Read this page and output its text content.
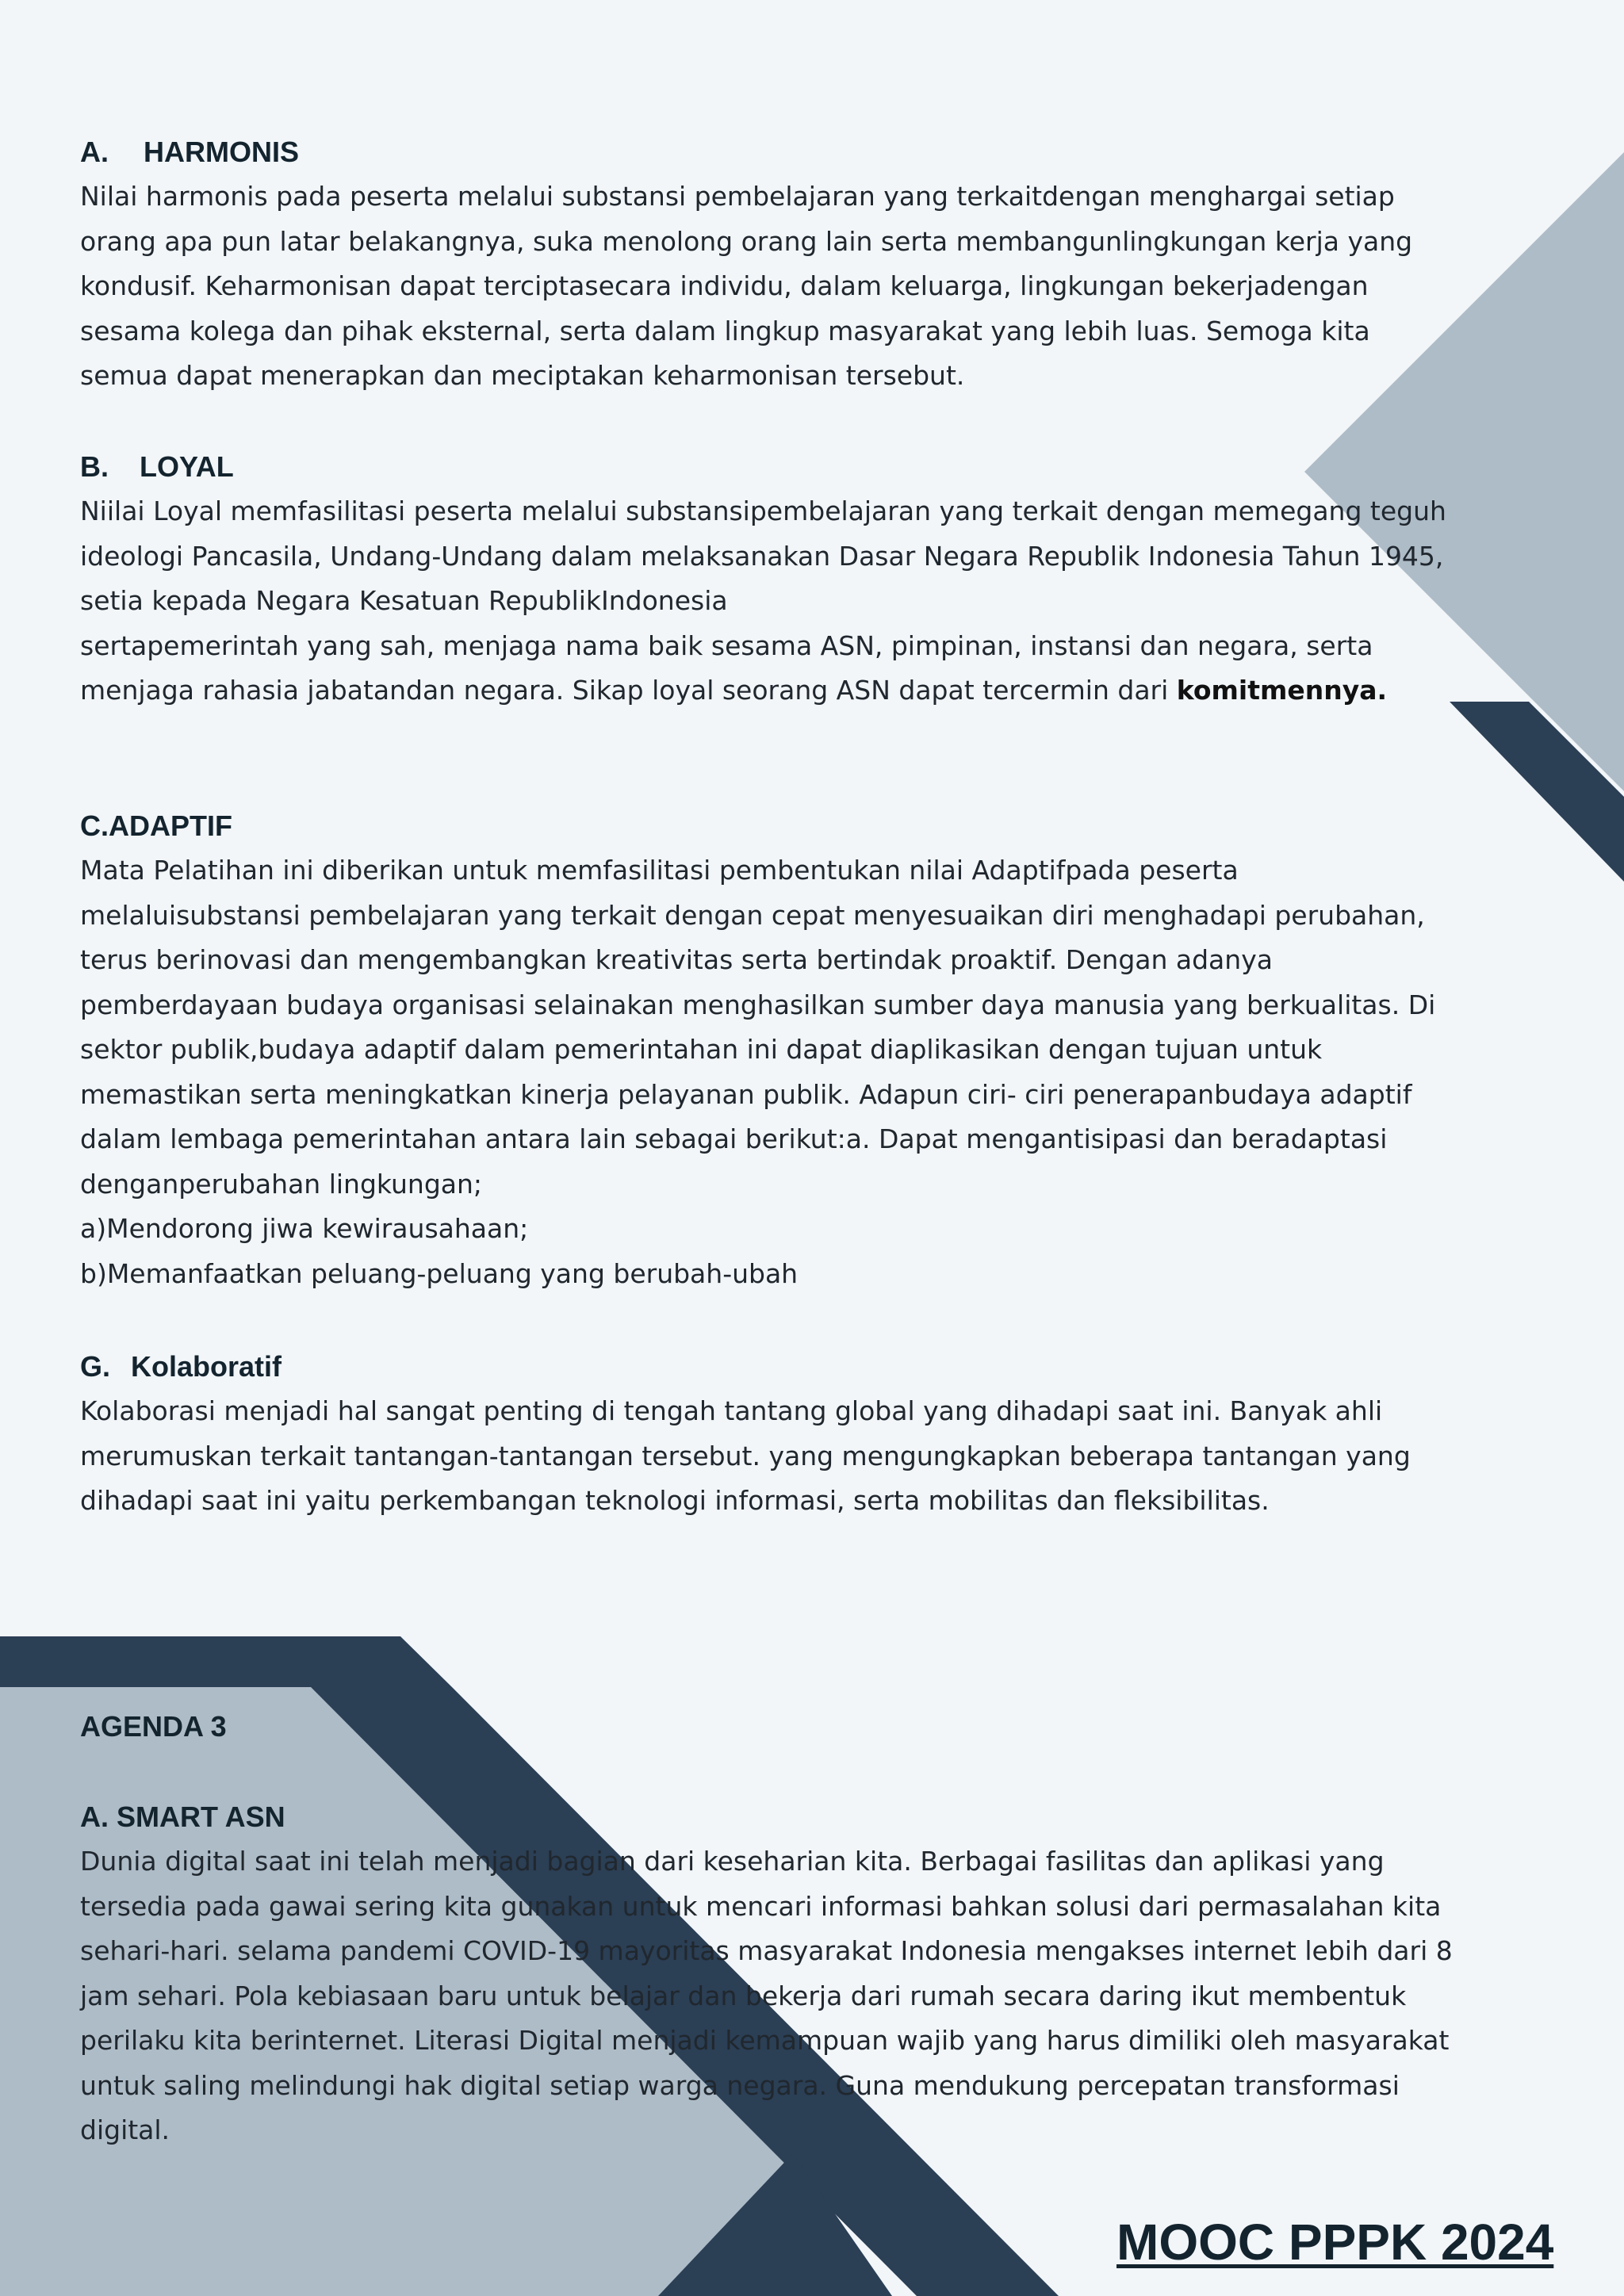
A. HARMONIS

Nilai harmonis pada peserta melalui substansi pembelajaran yang terkaitdengan menghargai setiap
orang apa pun latar belakangnya, suka menolong orang lain serta membangunlingkungan kerja yang
kondusif. Keharmonisan dapat terciptasecara individu, dalam keluarga, lingkungan bekerjadengan
sesama kolega dan pihak eksternal, serta dalam lingkup masyarakat yang lebih luas. Semoga kita
semua dapat menerapkan dan meciptakan keharmonisan tersebut.

B. LOYAL

Niilai Loyal memfasilitasi peserta melalui substansipembelajaran yang terkait dengan memegang teguh
ideologi Pancasila, Undang-Undang dalam melaksanakan Dasar Negara Republik Indonesia Tahun 1945,
setia kepada Negara Kesatuan RepublikIndonesia
sertapemerintah yang sah, menjaga nama baik sesama ASN, pimpinan, instansi dan negara, serta
menjaga rahasia jabatandan negara. Sikap loyal seorang ASN dapat tercermin dari komitmennya.

C.ADAPTIF

Mata Pelatihan ini diberikan untuk memfasilitasi pembentukan nilai Adaptifpada peserta
melaluisubstansi pembelajaran yang terkait dengan cepat menyesuaikan diri menghadapi perubahan,
terus berinovasi dan mengembangkan kreativitas serta bertindak proaktif. Dengan adanya
pemberdayaan budaya organisasi selainakan menghasilkan sumber daya manusia yang berkualitas. Di
sektor publik,budaya adaptif dalam pemerintahan ini dapat diaplikasikan dengan tujuan untuk
memastikan serta meningkatkan kinerja pelayanan publik. Adapun ciri- ciri penerapanbudaya adaptif
dalam lembaga pemerintahan antara lain sebagai berikut:a. Dapat mengantisipasi dan beradaptasi
denganperubahan lingkungan;
a)Mendorong jiwa kewirausahaan;
b)Memanfaatkan peluang-peluang yang berubah-ubah

G. Kolaboratif

Kolaborasi menjadi hal sangat penting di tengah tantang global yang dihadapi saat ini. Banyak ahli
merumuskan terkait tantangan-tantangan tersebut. yang mengungkapkan beberapa tantangan yang
dihadapi saat ini yaitu perkembangan teknologi informasi, serta mobilitas dan fleksibilitas.

AGENDA 3

A. SMART ASN

Dunia digital saat ini telah menjadi bagian dari keseharian kita. Berbagai fasilitas dan aplikasi yang
tersedia pada gawai sering kita gunakan untuk mencari informasi bahkan solusi dari permasalahan kita
sehari-hari. selama pandemi COVID-19 mayoritas masyarakat Indonesia mengakses internet lebih dari 8
jam sehari. Pola kebiasaan baru untuk belajar dan bekerja dari rumah secara daring ikut membentuk
perilaku kita berinternet. Literasi Digital menjadi kemampuan wajib yang harus dimiliki oleh masyarakat
untuk saling melindungi hak digital setiap warga negara. Guna mendukung percepatan transformasi
digital.

MOOC PPPK 2024
